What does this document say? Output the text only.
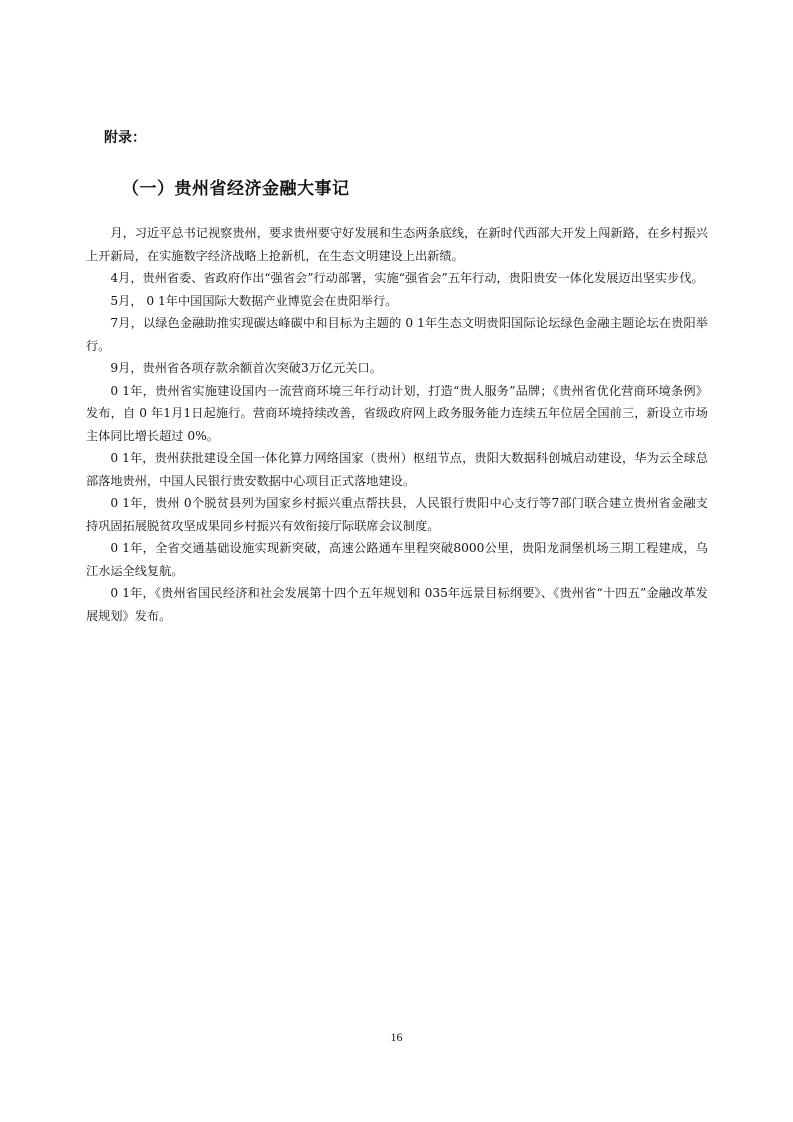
附录：
（一）贵州省经济金融大事记

月，习近平总书记视察贵州，要求贵州要守好发展和生态两条底线，在新时代西部大开发上闯新路，在乡村振兴上开新局，在实施数字经济战略上抢新机，在生态文明建设上出新绩。

4月，贵州省委、省政府作出“强省会”行动部署，实施“强省会”五年行动，贵阳贵安一体化发展迈出坚实步伐。

5月， 0 1年中国国际大数据产业博览会在贵阳举行。

7月，以绿色金融助推实现碳达峰碳中和目标为主题的 0 1年生态文明贵阳国际论坛绿色金融主题论坛在贵阳举行。

9月，贵州省各项存款余额首次突破3万亿元关口。

0 1年，贵州省实施建设国内一流营商环境三年行动计划，打造“贵人服务”品牌；《贵州省优化营商环境条例》发布，自 0 年1月1日起施行。营商环境持续改善，省级政府网上政务服务能力连续五年位居全国前三，新设立市场主体同比增长超过 0%。

0 1年，贵州获批建设全国一体化算力网络国家（贵州）枢纽节点，贵阳大数据科创城启动建设，华为云全球总部落地贵州，中国人民银行贵安数据中心项目正式落地建设。

0 1年，贵州 0个脱贫县列为国家乡村振兴重点帮扶县，人民银行贵阳中心支行等7部门联合建立贵州省金融支持巩固拓展脱贫攻坚成果同乡村振兴有效衔接厅际联席会议制度。

0 1年，全省交通基础设施实现新突破，高速公路通车里程突破8000公里，贵阳龙洞堡机场三期工程建成，乌江水运全线复航。

0 1年，《贵州省国民经济和社会发展第十四个五年规划和 035年远景目标纲要》、《贵州省“十四五”金融改革发展规划》发布。

16
